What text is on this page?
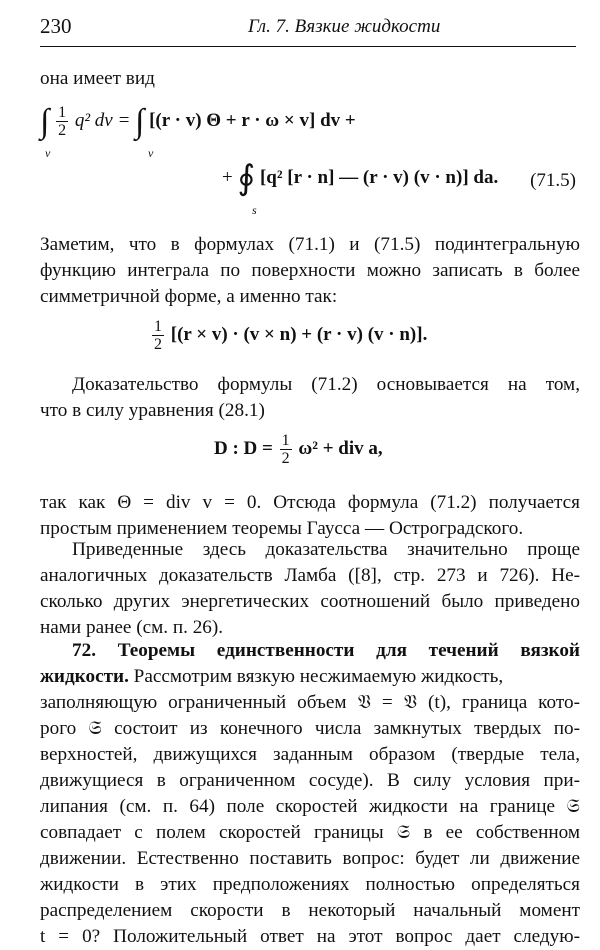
230	Гл. 7. Вязкие жидкости
она имеет вид
∫ $\frac{1}{2} q^2$ dv = ∫ [(r · v) Θ + r · ω × v] dv +
v	v
+ ∮ [q² [r · n] — (r · v) (v · n)] da.
s
(71.5)
Заметим, что в формулах (71.1) и (71.5) подинтегральную
функцию интеграла по поверхности можно записать в более
симметричной форме, а именно так:
$\frac{1}{2} [(r \times v) \cdot (v \times n) + (r \cdot v) (v \cdot n)]$.
Доказательство формулы (71.2) основывается на том,
что в силу уравнения (28.1)
D : $D = \frac{1}{2} \omega^2$ + div a,
так как Θ = div v = 0. Отсюда формула (71.2) получается
простым применением теоремы Гаусса — Остроградского.
Приведенные здесь доказательства значительно проще
аналогичных доказательств Ламба ([8], стр. 273 и 726). Не-
сколько других энергетических соотношений было приведено
нами ранее (см. п. 26).
72. Теоремы единственности для течений вязкой
жидкости. Рассмотрим вязкую несжимаемую жидкость,
заполняющую ограниченный объем 𝔙 = 𝔙 (t), граница кото-
рого 𝔖 состоит из конечного числа замкнутых твердых по-
верхностей, движущихся заданным образом (твердые тела,
движущиеся в ограниченном сосуде). В силу условия при-
липания (см. п. 64) поле скоростей жидкости на границе 𝔖
совпадает с полем скоростей границы 𝔖 в ее собственном
движении. Естественно поставить вопрос: будет ли движение
жидкости в этих предположениях полностью определяться
распределением скорости в некоторый начальный момент
t = 0? Положительный ответ на этот вопрос дает следую-
